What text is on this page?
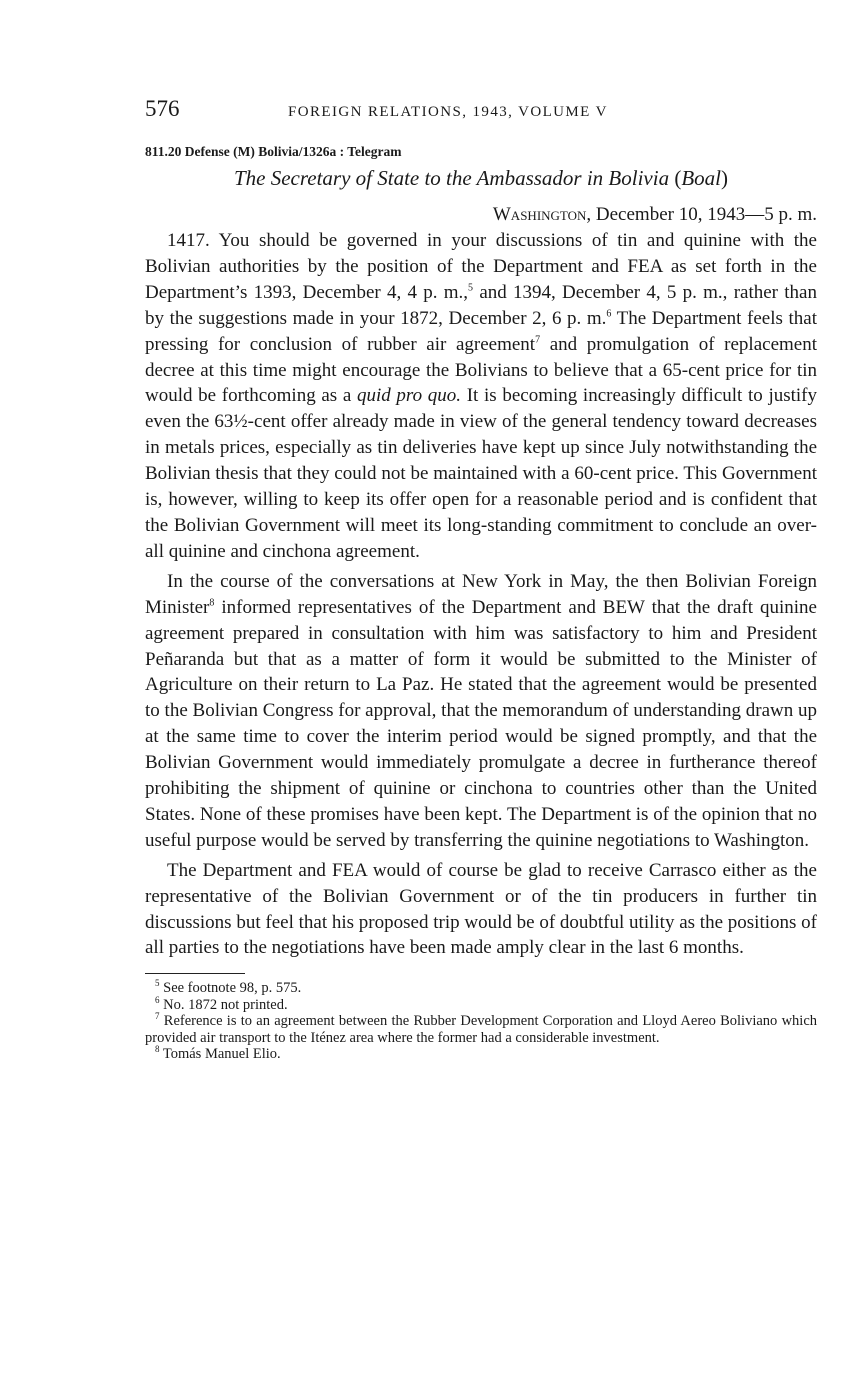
576	FOREIGN RELATIONS, 1943, VOLUME V
811.20 Defense (M) Bolivia/1326a : Telegram
The Secretary of State to the Ambassador in Bolivia (Boal)
Washington, December 10, 1943—5 p. m.

1417. You should be governed in your discussions of tin and quinine with the Bolivian authorities by the position of the Department and FEA as set forth in the Department’s 1393, December 4, 4 p. m.,$^5$ and 1394, December 4, 5 p. m., rather than by the suggestions made in your 1872, December 2, 6 p. m.$^6$ The Department feels that pressing for conclusion of rubber air agreement$^7$ and promulgation of replacement decree at this time might encourage the Bolivians to believe that a 65-cent price for tin would be forthcoming as a quid pro quo. It is becoming increasingly difficult to justify even the 63½-cent offer already made in view of the general tendency toward decreases in metals prices, especially as tin deliveries have kept up since July notwithstanding the Bolivian thesis that they could not be maintained with a 60-cent price. This Government is, however, willing to keep its offer open for a reasonable period and is confident that the Bolivian Government will meet its long-standing commitment to conclude an over-all quinine and cinchona agreement.

In the course of the conversations at New York in May, the then Bolivian Foreign Minister$^8$ informed representatives of the Department and BEW that the draft quinine agreement prepared in consultation with him was satisfactory to him and President Peñaranda but that as a matter of form it would be submitted to the Minister of Agriculture on their return to La Paz. He stated that the agreement would be presented to the Bolivian Congress for approval, that the memorandum of understanding drawn up at the same time to cover the interim period would be signed promptly, and that the Bolivian Government would immediately promulgate a decree in furtherance thereof prohibiting the shipment of quinine or cinchona to countries other than the United States. None of these promises have been kept. The Department is of the opinion that no useful purpose would be served by transferring the quinine negotiations to Washington.

The Department and FEA would of course be glad to receive Carrasco either as the representative of the Bolivian Government or of the tin producers in further tin discussions but feel that his proposed trip would be of doubtful utility as the positions of all parties to the negotiations have been made amply clear in the last 6 months.

$^5$ See footnote 98, p. 575.
$^6$ No. 1872 not printed.
$^7$ Reference is to an agreement between the Rubber Development Corporation and Lloyd Aereo Boliviano which provided air transport to the Iténez area where the former had a considerable investment.
$^8$ Tomás Manuel Elio.
